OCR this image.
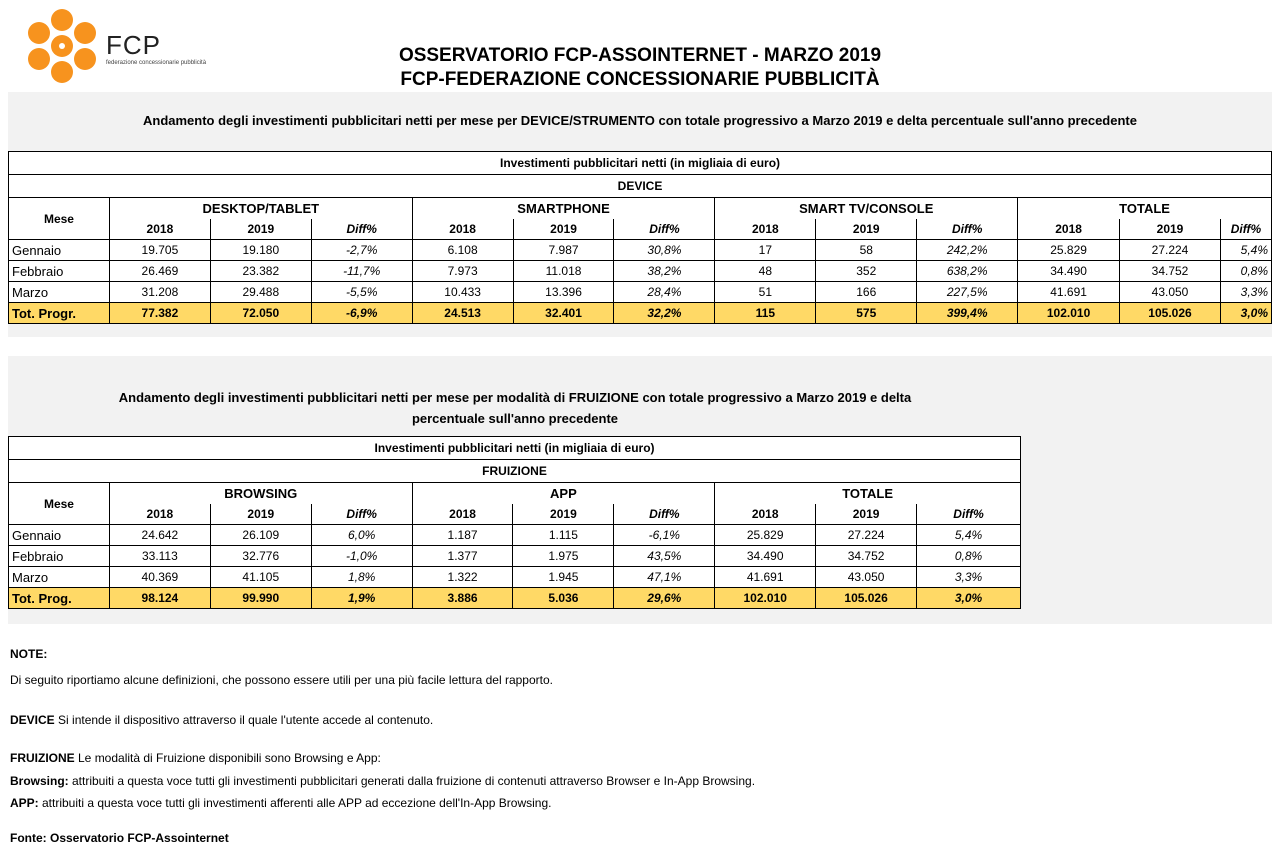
FCP
federazione concessionarie pubblicità	OSSERVATORIO FCP-ASSOINTERNET - MARZO 2019
FCP-FEDERAZIONE CONCESSIONARIE PUBBLICITÀ
Andamento degli investimenti pubblicitari netti per mese per DEVICE/STRUMENTO con totale progressivo a Marzo 2019 e delta percentuale sull'anno precedente
Investimenti pubblicitari netti (in migliaia di euro)												
DEVICE												
Mese	DESKTOP/TABLET			SMARTPHONE			SMART TV/CONSOLE			TOTALE		
	2018	2019	Diff%	2018	2019	Diff%	2018	2019	Diff%	2018	2019	Diff%
Gennaio	19.705	19.180	-2,7%	6.108	7.987	30,8%	17	58	242,2%	25.829	27.224	5,4%
Febbraio	26.469	23.382	-11,7%	7.973	11.018	38,2%	48	352	638,2%	34.490	34.752	0,8%
Marzo	31.208	29.488	-5,5%	10.433	13.396	28,4%	51	166	227,5%	41.691	43.050	3,3%
Tot. Progr.	77.382	72.050	-6,9%	24.513	32.401	32,2%	115	575	399,4%	102.010	105.026	3,0%
Andamento degli investimenti pubblicitari netti per mese per modalità di FRUIZIONE con totale progressivo a Marzo 2019 e delta
percentuale sull'anno precedente
Investimenti pubblicitari netti (in migliaia di euro)									
FRUIZIONE									
Mese	BROWSING			APP			TOTALE		
	2018	2019	Diff%	2018	2019	Diff%	2018	2019	Diff%
Gennaio	24.642	26.109	6,0%	1.187	1.115	-6,1%	25.829	27.224	5,4%
Febbraio	33.113	32.776	-1,0%	1.377	1.975	43,5%	34.490	34.752	0,8%
Marzo	40.369	41.105	1,8%	1.322	1.945	47,1%	41.691	43.050	3,3%
Tot. Prog.	98.124	99.990	1,9%	3.886	5.036	29,6%	102.010	105.026	3,0%
NOTE:
Di seguito riportiamo alcune definizioni, che possono essere utili per una più facile lettura del rapporto.
DEVICE Si intende il dispositivo attraverso il quale l'utente accede al contenuto.
FRUIZIONE Le modalità di Fruizione disponibili sono Browsing e App:
Browsing: attribuiti a questa voce tutti gli investimenti pubblicitari generati dalla fruizione di contenuti attraverso Browser e In-App Browsing.
APP: attribuiti a questa voce tutti gli investimenti afferenti alle APP ad eccezione dell'In-App Browsing.
Fonte: Osservatorio FCP-Assointernet
